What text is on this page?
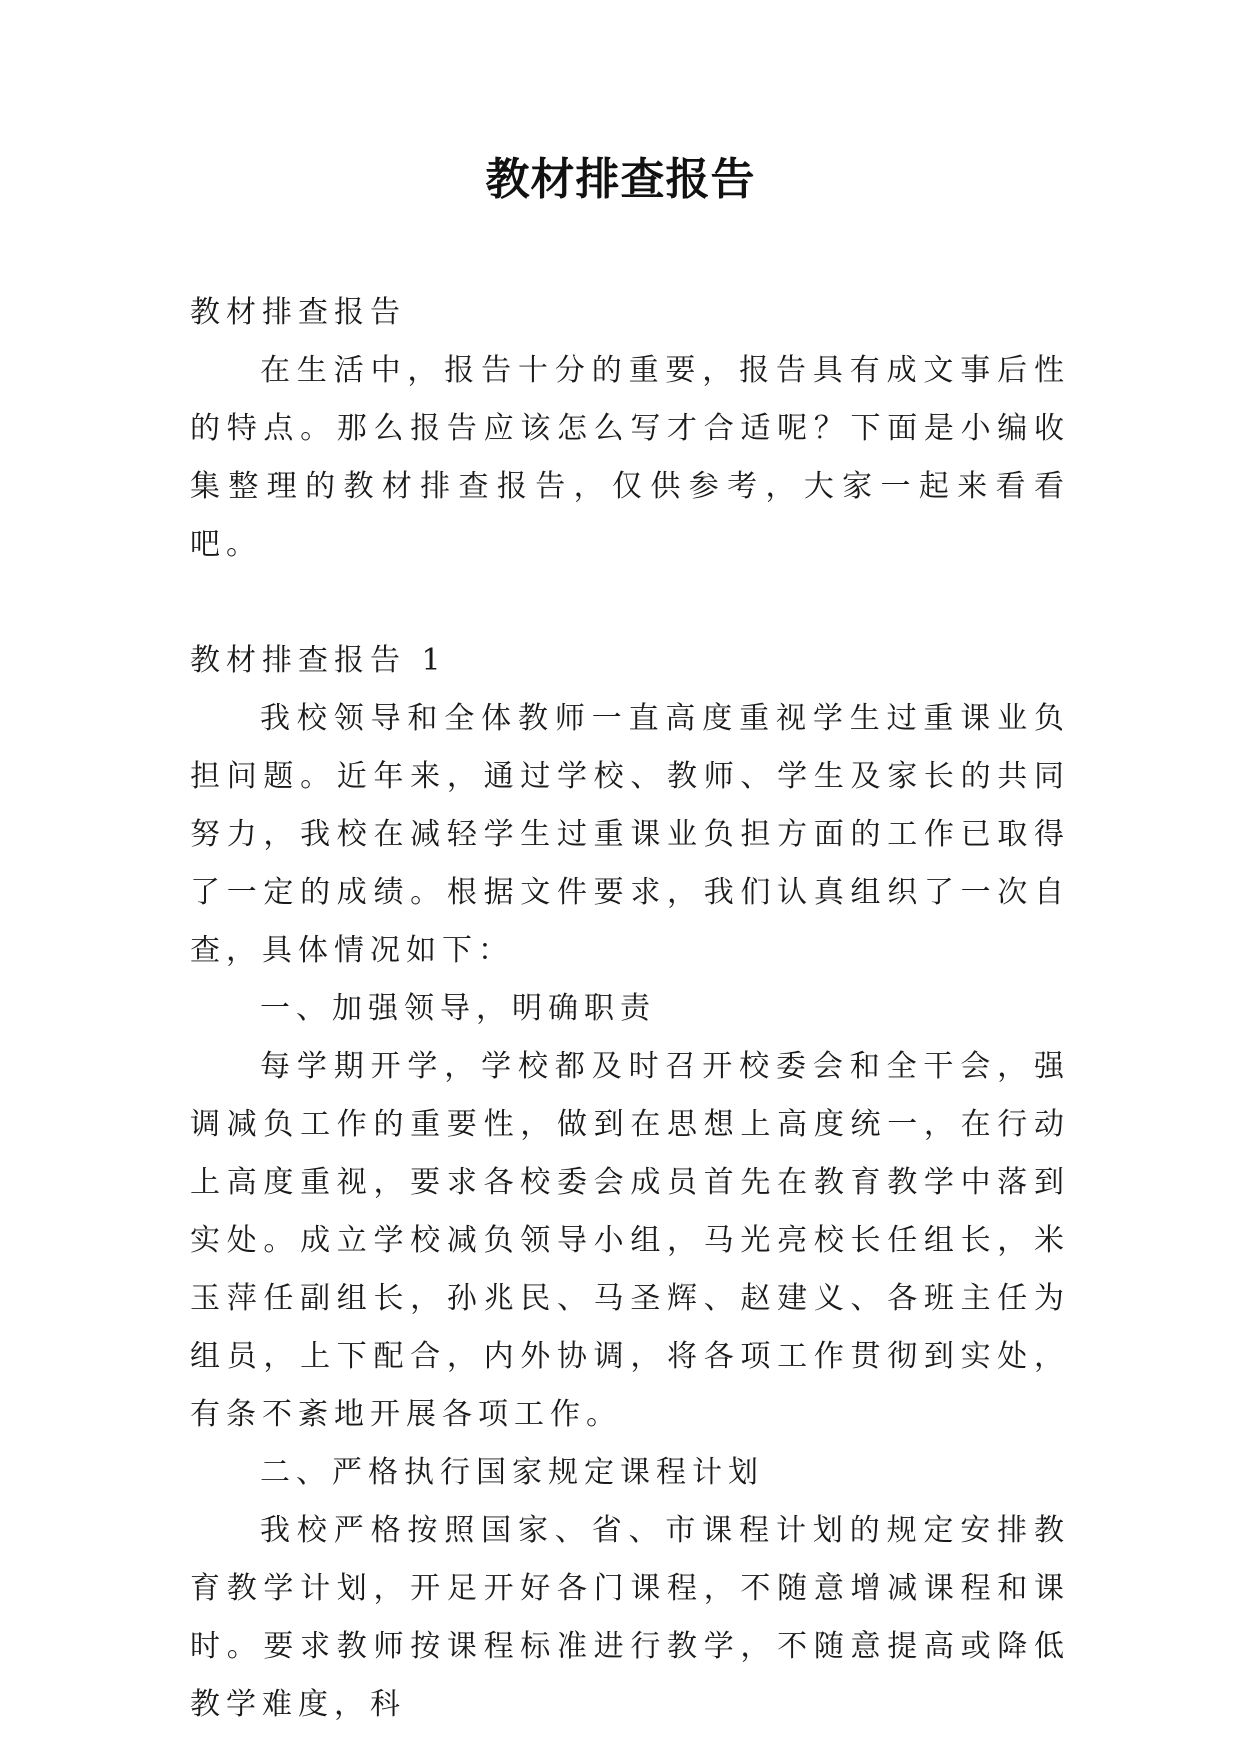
教材排查报告

教材排查报告

在生活中，报告十分的重要，报告具有成文事后性的特点。那么报告应该怎么写才合适呢？下面是小编收集整理的教材排查报告，仅供参考，大家一起来看看吧。

教材排查报告 1

我校领导和全体教师一直高度重视学生过重课业负担问题。近年来，通过学校、教师、学生及家长的共同努力，我校在减轻学生过重课业负担方面的工作已取得了一定的成绩。根据文件要求，我们认真组织了一次自查，具体情况如下：

一、加强领导，明确职责

每学期开学，学校都及时召开校委会和全干会，强调减负工作的重要性，做到在思想上高度统一，在行动上高度重视，要求各校委会成员首先在教育教学中落到实处。成立学校减负领导小组，马光亮校长任组长，米玉萍任副组长，孙兆民、马圣辉、赵建义、各班主任为组员，上下配合，内外协调，将各项工作贯彻到实处，有条不紊地开展各项工作。

二、严格执行国家规定课程计划

我校严格按照国家、省、市课程计划的规定安排教育教学计划，开足开好各门课程，不随意增减课程和课时。要求教师按课程标准进行教学，不随意提高或降低教学难度，科
